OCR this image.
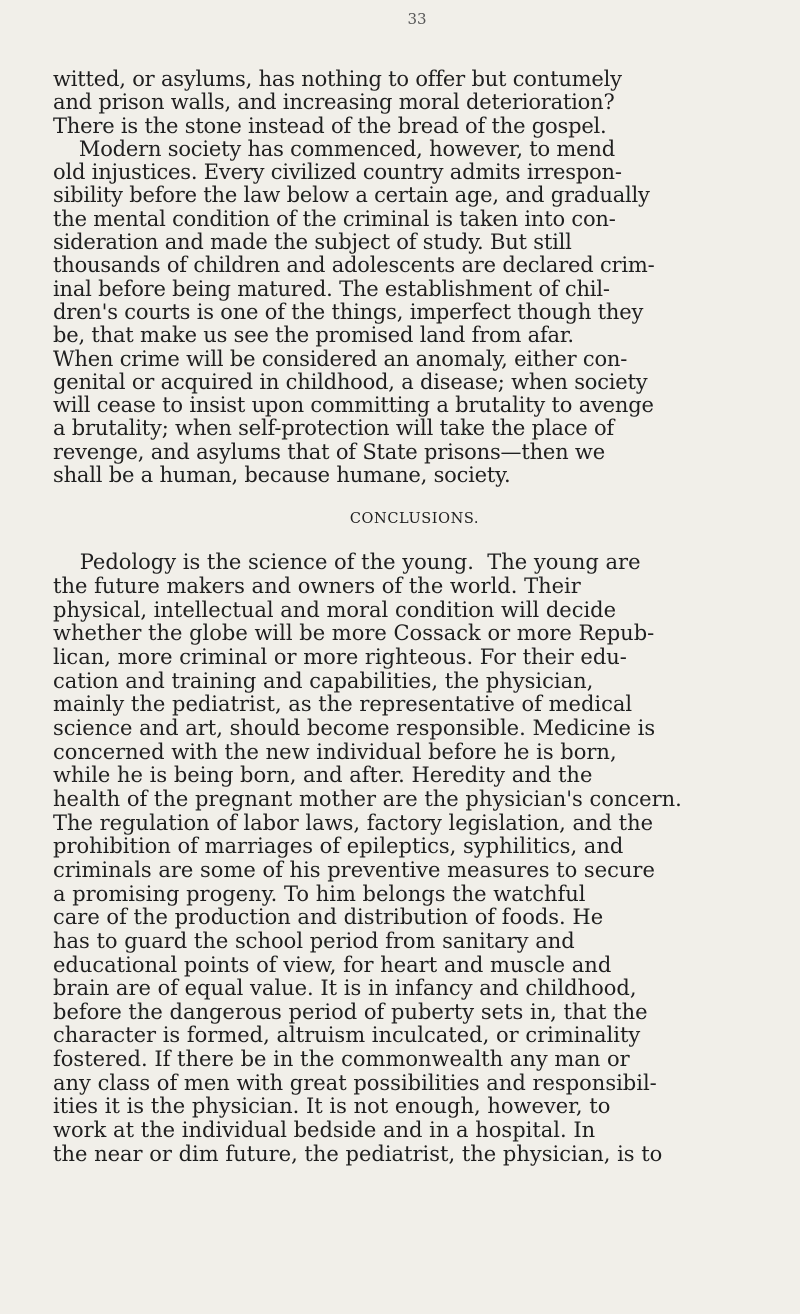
33
witted, or asylums, has nothing to offer but contumely
and prison walls, and increasing moral deterioration?
There is the stone instead of the bread of the gospel.
Modern society has commenced, however, to mend
old injustices. Every civilized country admits irrespon-
sibility before the law below a certain age, and gradually
the mental condition of the criminal is taken into con-
sideration and made the subject of study. But still
thousands of children and adolescents are declared crim-
inal before being matured. The establishment of chil-
dren's courts is one of the things, imperfect though they
be, that make us see the promised land from afar.
When crime will be considered an anomaly, either con-
genital or acquired in childhood, a disease; when society
will cease to insist upon committing a brutality to avenge
a brutality; when self-protection will take the place of
revenge, and asylums that of State prisons—then we
shall be a human, because humane, society.
CONCLUSIONS.
Pedology is the science of the young.  The young are
the future makers and owners of the world. Their
physical, intellectual and moral condition will decide
whether the globe will be more Cossack or more Repub-
lican, more criminal or more righteous. For their edu-
cation and training and capabilities, the physician,
mainly the pediatrist, as the representative of medical
science and art, should become responsible. Medicine is
concerned with the new individual before he is born,
while he is being born, and after. Heredity and the
health of the pregnant mother are the physician's concern.
The regulation of labor laws, factory legislation, and the
prohibition of marriages of epileptics, syphilitics, and
criminals are some of his preventive measures to secure
a promising progeny. To him belongs the watchful
care of the production and distribution of foods. He
has to guard the school period from sanitary and
educational points of view, for heart and muscle and
brain are of equal value. It is in infancy and childhood,
before the dangerous period of puberty sets in, that the
character is formed, altruism inculcated, or criminality
fostered. If there be in the commonwealth any man or
any class of men with great possibilities and responsibil-
ities it is the physician. It is not enough, however, to
work at the individual bedside and in a hospital. In
the near or dim future, the pediatrist, the physician, is to
